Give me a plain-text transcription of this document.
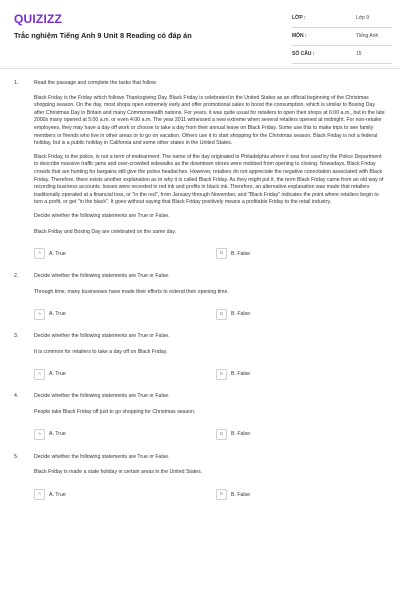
QUIZIZZ
Trắc nghiệm Tiếng Anh 9 Unit 8 Reading có đáp án
LỚP :	Lớp 9
MÔN :	Tiếng Anh
SỐ CÂU :	15
1.	Read the passage and complete the tasks that follow.

Black Friday is the Friday which follows Thanksgiving Day. Black Friday is celebrated in the United States as an official beginning of the Christmas shopping season. On the day, most shops open extremely early and offer promotional sales to boost the consumption, which is similar to Boxing Day after Christmas Day in Britain and many Commonwealth nations. For years, it was quite usual for retailers to open their shops at 6:00 a.m., but in the late 2000s many opened at 5:00 a.m. or even 4:00 a.m. The year 2011 witnessed a new extreme when several retailers opened at midnight. For non-retailer employees, they may have a day off work or choose to take a day from their annual leave on Black Friday. Some use this to make trips to see family members or friends who live in other areas or to go on vacation. Others use it to start shopping for the Christmas season. Black Friday is not a federal holiday, but is a public holiday in California and some other states in the United States.

Black Friday, to the police, is not a term of endearment. The name of the day originated in Philadelphia where it was first used by the Police Department to describe massive traffic jams and over-crowded sidewalks as the downtown stores were mobbed from opening to closing. Nowadays, Black Friday crowds that are hunting for bargains still give the police headaches. However, retailers do not appreciate the negative connotation associated with Black Friday. Therefore, there exists another explanation as to why it is called Black Friday. As they might put it, the term Black Friday came from an old way of recording business accounts: losses were recorded in red ink and profits in black ink. Therefore, an alternative explanation was made that retailers traditionally operated at a financial loss, or "in the red", from January through November, and "Black Friday" indicates the point where retailers begin to turn a profit, or get "in the black". It goes without saying that Black Friday positively means a profitable Friday to the retail industry.

Decide whether the following statements are True or False.

Black Friday and Boxing Day are celebrated on the same day.

A A. True	B B. False
2.	Decide whether the following statements are True or False.

Through time, many businesses have made their efforts to extend their opening time.

A A. True	B B. False
3.	Decide whether the following statements are True or False.

It is common for retailers to take a day off on Black Friday.

A A. True	B B. False
4.	Decide whether the following statements are True or False.

People take Black Friday off just to go shopping for Christmas season.

A A. True	B B. False
5.	Decide whether the following statements are True or False.

Black Friday is made a state holiday in certain areas in the United States.

A A. True	B B. False
